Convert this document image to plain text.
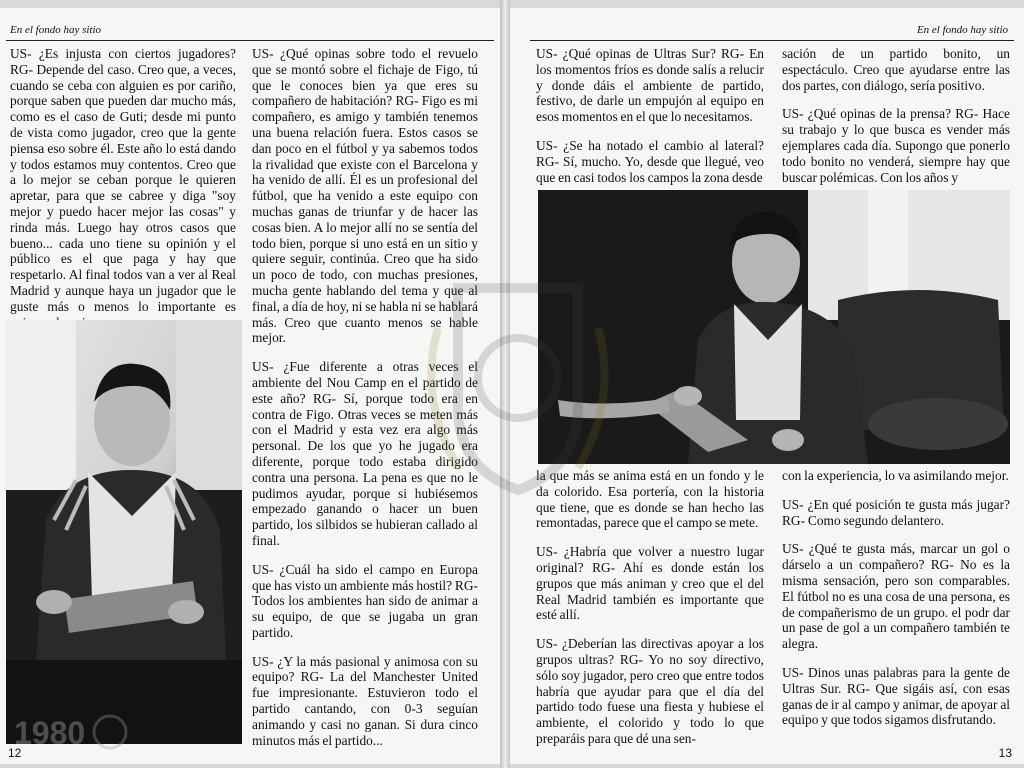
En el fondo hay sitio

US- ¿Es injusta con ciertos jugadores? RG- Depende del caso. Creo que, a veces, cuando se ceba con alguien es por cariño, porque saben que pueden dar mucho más, como es el caso de Guti; desde mi punto de vista como jugador, creo que la gente piensa eso sobre él. Este año lo está dando y todos estamos muy contentos. Creo que a lo mejor se ceban porque le quieren apretar, para que se cabree y diga "soy mejor y puedo hacer mejor las cosas" y rinda más. Luego hay otros casos que bueno... cada uno tiene su opinión y el público es el que paga y hay que respetarlo. Al final todos van a ver al Real Madrid y aunque haya un jugador que le guste más o menos lo importante es

US- ¿Qué opinas sobre todo el revuelo que se montó sobre el fichaje de Figo, tú que le conoces bien ya que eres su compañero de habitación? RG- Figo es mi compañero, es amigo y también tenemos una buena relación fuera. Estos casos se dan poco en el fútbol y ya sabemos todos la rivalidad que existe con el Barcelona y ha venido de allí. Él es un profesional del fútbol, que ha venido a este equipo con muchas ganas de triunfar y de hacer las cosas bien. A lo mejor allí no se sentía del todo bien, porque si uno está en un sitio y quiere seguir, continúa. Creo que ha sido un poco de todo, con muchas presiones, mucha gente hablando del tema y que al final, a día de hoy, ni se habla ni se hablará más. Creo que cuanto menos se hable mejor.

US- ¿Fue diferente a otras veces el ambiente del Nou Camp en el partido de este año? RG- Sí, porque todo era en contra de Figo. Otras veces se meten más con el Madrid y esta vez era algo más personal. De los que yo he jugado era diferente, porque todo estaba dirigido contra una persona. La pena es que no le pudimos ayudar, porque si hubiésemos empezado ganando o hacer un buen partido, los silbidos se hubieran callado al final.

US- ¿Cuál ha sido el campo en Europa que has visto un ambiente más hostil? RG- Todos los ambientes han sido de animar a su equipo, de que se jugaba un gran partido.

US- ¿Y la más pasional y animosa con su equipo? RG- La del Manchester United fue impresionante. Estuvieron todo el partido cantando, con 0-3 seguían animando y casi no ganan. Si dura cinco minutos más el partido...

1980
12
En el fondo hay sitio

US- ¿Qué opinas de Ultras Sur? RG- En los momentos fríos es donde salís a relucir y donde dáis el ambiente de partido, festivo, de darle un empujón al equipo en esos momentos en el que lo necesitamos.

US- ¿Se ha notado el cambio al lateral? RG- Sí, mucho. Yo, desde que llegué, veo que en casi todos los campos la zona desde

sación de un partido bonito, un espectáculo. Creo que ayudarse entre las dos partes, con diálogo, sería positivo.

US- ¿Qué opinas de la prensa? RG- Hace su trabajo y lo que busca es vender más ejemplares cada día. Supongo que ponerlo todo bonito no venderá, siempre hay que buscar polémicas. Con los años y

la que más se anima está en un fondo y le da colorido. Esa portería, con la historia que tiene, que es donde se han hecho las remontadas, parece que el campo se mete.

US- ¿Habría que volver a nuestro lugar original? RG- Ahí es donde están los grupos que más animan y creo que el del Real Madrid también es importante que esté allí.

US- ¿Deberían las directivas apoyar a los grupos ultras? RG- Yo no soy directivo, sólo soy jugador, pero creo que entre todos habría que ayudar para que el día del partido todo fuese una fiesta y hubiese el ambiente, el colorido y todo lo que preparáis para que dé una sen-

con la experiencia, lo va asimilando mejor.

US- ¿En qué posición te gusta más jugar? RG- Como segundo delantero.

US- ¿Qué te gusta más, marcar un gol o dárselo a un compañero? RG- No es la misma sensación, pero son comparables. El fútbol no es una cosa de una persona, es de compañerismo de un grupo. el podr dar un pase de gol a un compañero también te alegra.

US- Dinos unas palabras para la gente de Ultras Sur. RG- Que sigáis así, con esas ganas de ir al campo y animar, de apoyar al equipo y que todos sigamos disfrutando.

13
